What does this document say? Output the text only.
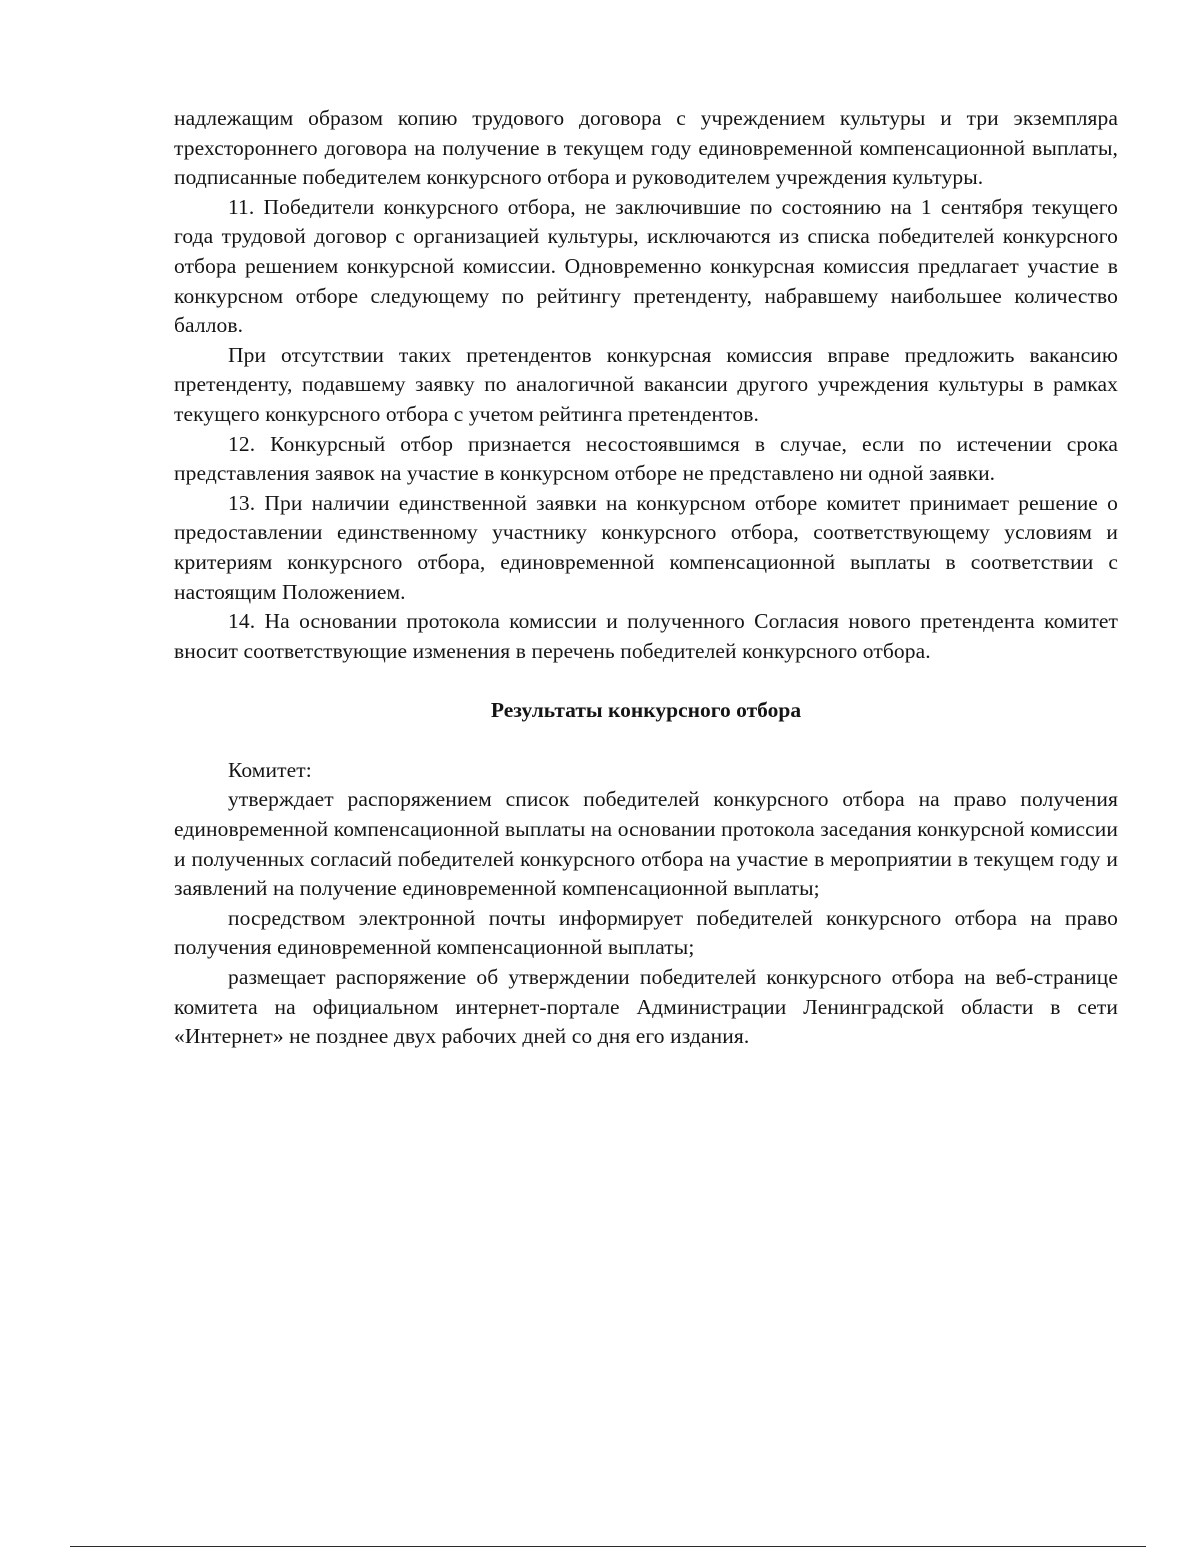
надлежащим образом копию трудового договора с учреждением культуры и три экземпляра трехстороннего договора на получение в текущем году единовременной компенсационной выплаты, подписанные победителем конкурсного отбора и руководителем учреждения культуры.

11. Победители конкурсного отбора, не заключившие по состоянию на 1 сентября текущего года трудовой договор с организацией культуры, исключаются из списка победителей конкурсного отбора решением конкурсной комиссии. Одновременно конкурсная комиссия предлагает участие в конкурсном отборе следующему по рейтингу претенденту, набравшему наибольшее количество баллов.

При отсутствии таких претендентов конкурсная комиссия вправе предложить вакансию претенденту, подавшему заявку по аналогичной вакансии другого учреждения культуры в рамках текущего конкурсного отбора с учетом рейтинга претендентов.

12. Конкурсный отбор признается несостоявшимся в случае, если по истечении срока представления заявок на участие в конкурсном отборе не представлено ни одной заявки.

13. При наличии единственной заявки на конкурсном отборе комитет принимает решение о предоставлении единственному участнику конкурсного отбора, соответствующему условиям и критериям конкурсного отбора, единовременной компенсационной выплаты в соответствии с настоящим Положением.

14. На основании протокола комиссии и полученного Согласия нового претендента комитет вносит соответствующие изменения в перечень победителей конкурсного отбора.

Результаты конкурсного отбора

Комитет:

утверждает распоряжением список победителей конкурсного отбора на право получения единовременной компенсационной выплаты на основании протокола заседания конкурсной комиссии и полученных согласий победителей конкурсного отбора на участие в мероприятии в текущем году и заявлений на получение единовременной компенсационной выплаты;

посредством электронной почты информирует победителей конкурсного отбора на право получения единовременной компенсационной выплаты;

размещает распоряжение об утверждении победителей конкурсного отбора на веб-странице комитета на официальном интернет-портале Администрации Ленинградской области в сети «Интернет» не позднее двух рабочих дней со дня его издания.
